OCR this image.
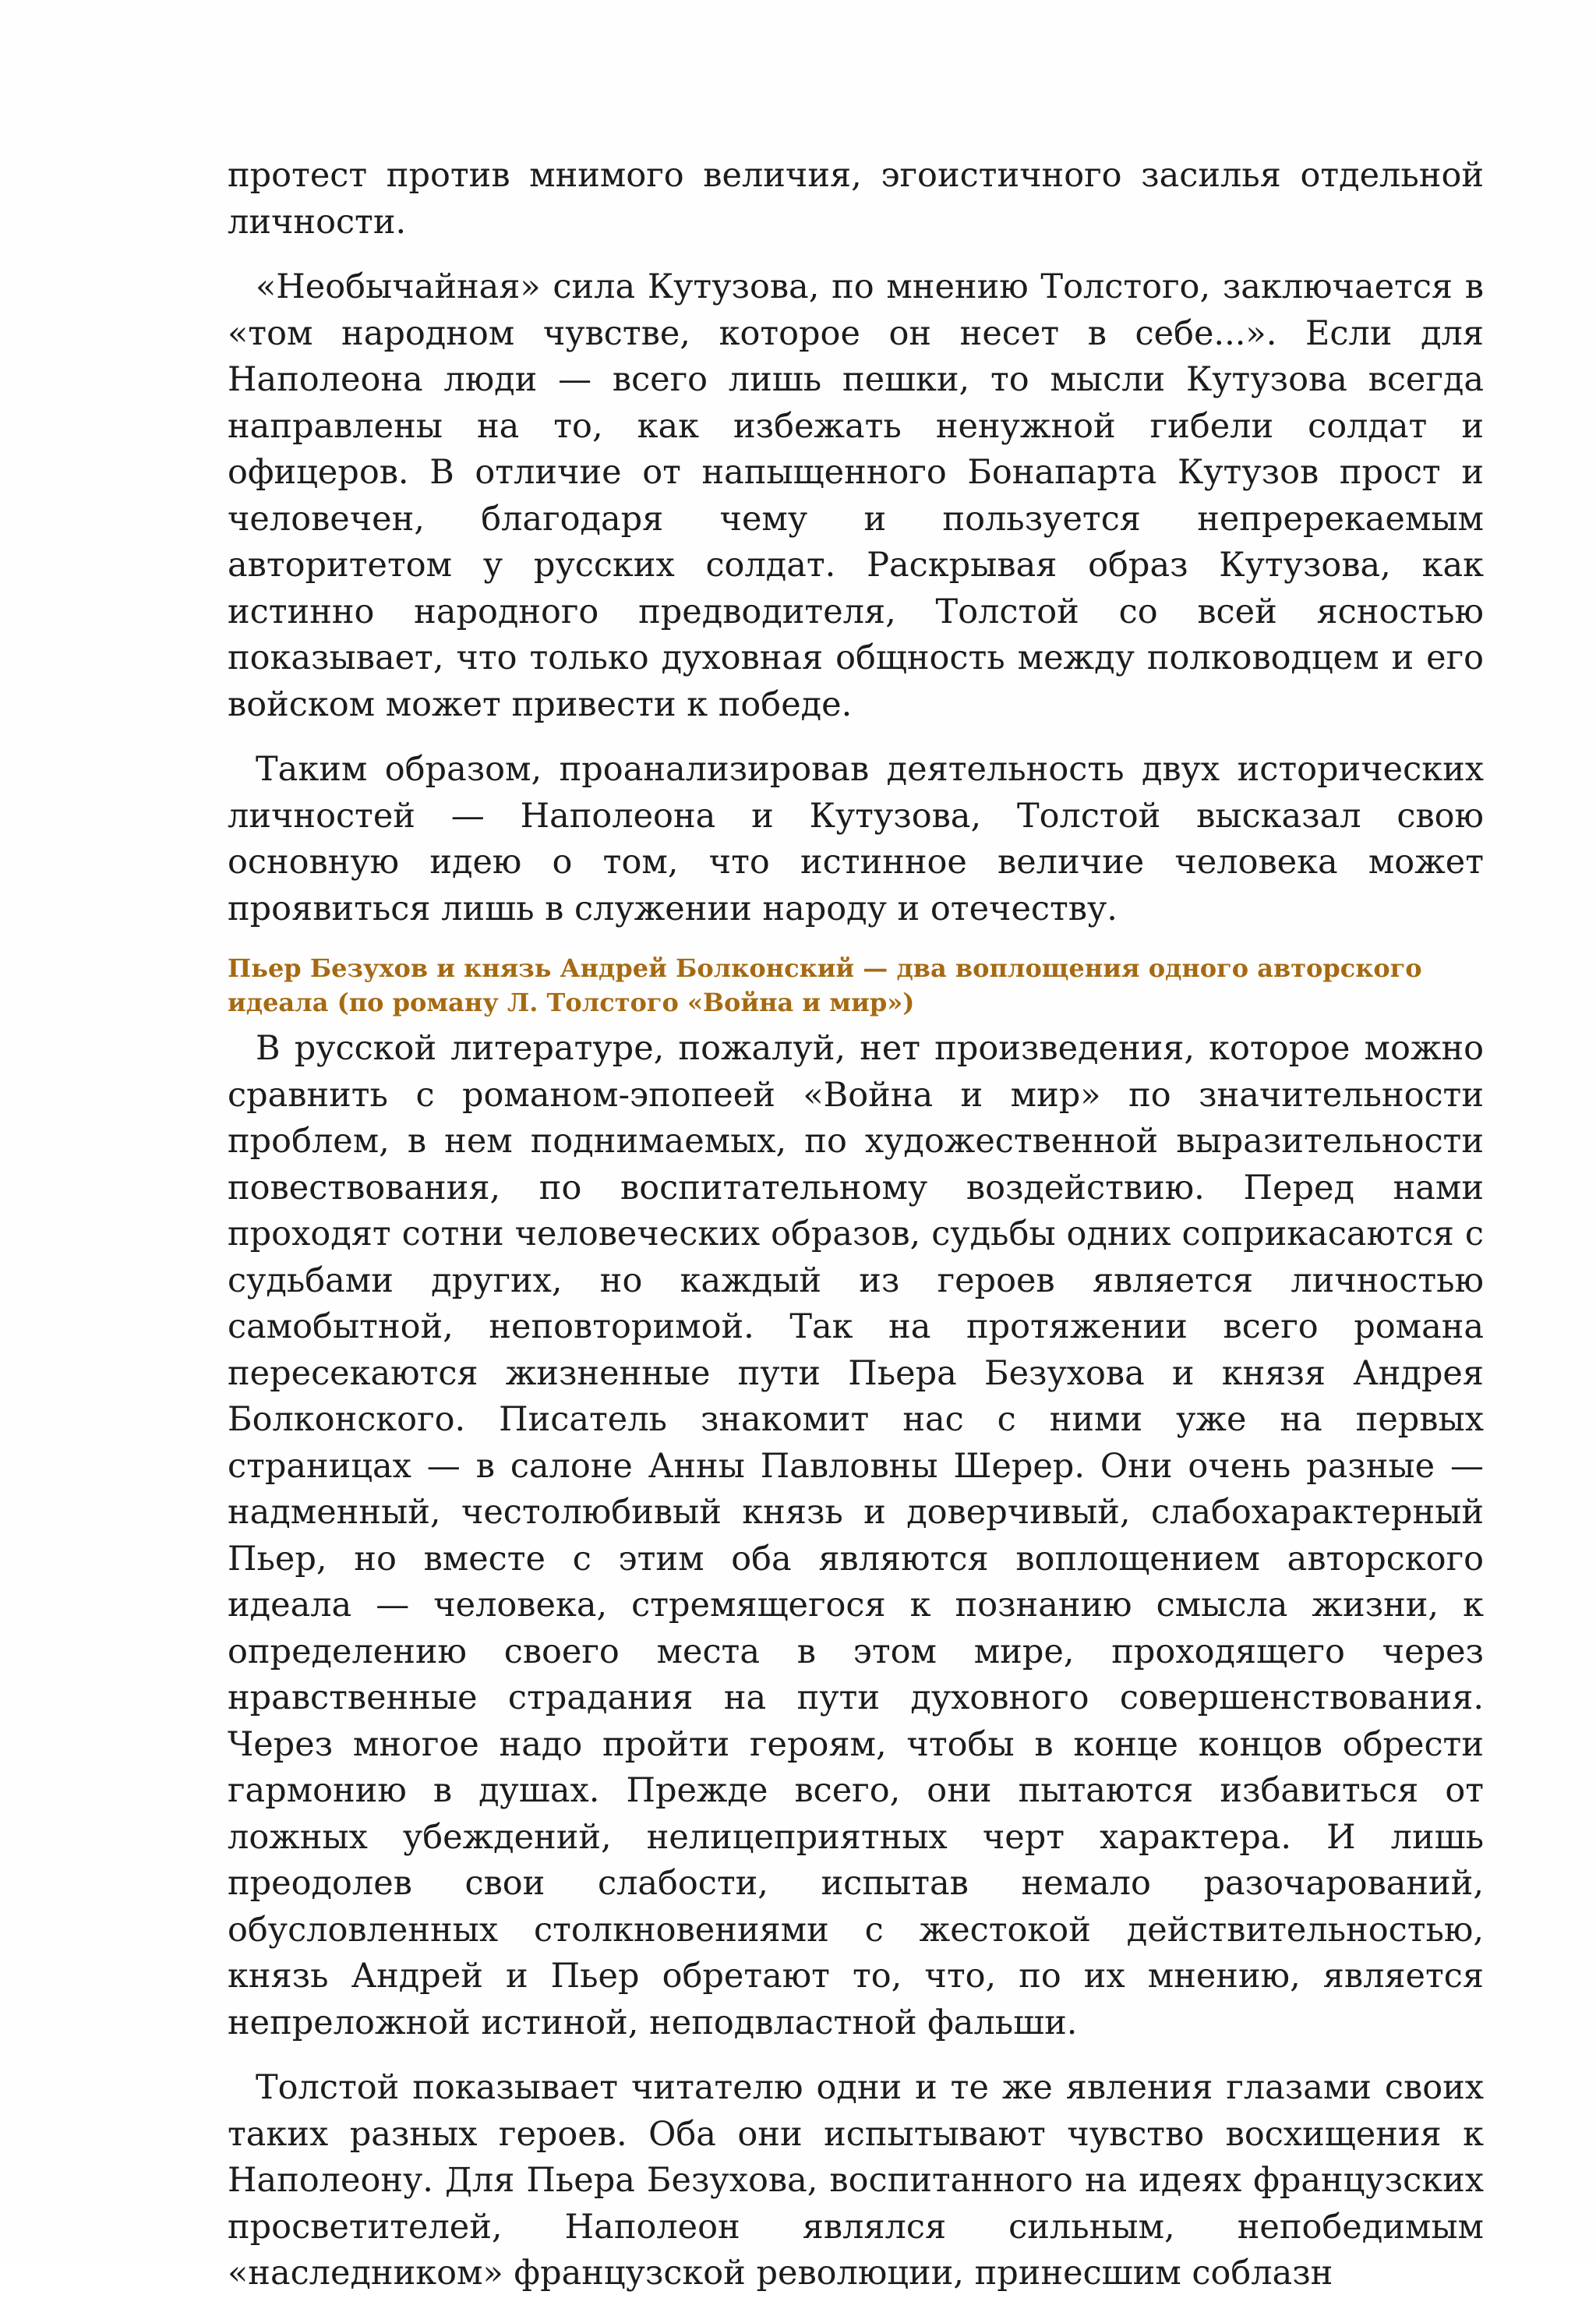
протест против мнимого величия, эгоистичного засилья отдельной личности.

«Необычайная» сила Кутузова, по мнению Толстого, заключается в «том народном чувстве, которое он несет в себе...». Если для Наполеона люди — всего лишь пешки, то мысли Кутузова всегда направлены на то, как избежать ненужной гибели солдат и офицеров. В отличие от напыщенного Бонапарта Кутузов прост и человечен, благодаря чему и пользуется непререкаемым авторитетом у русских солдат. Раскрывая образ Кутузова, как истинно народного предводителя, Толстой со всей ясностью показывает, что только духовная общность между полководцем и его войском может привести к победе.

Таким образом, проанализировав деятельность двух исторических личностей — Наполеона и Кутузова, Толстой высказал свою основную идею о том, что истинное величие человека может проявиться лишь в служении народу и отечеству.

Пьер Безухов и князь Андрей Болконский — два воплощения одного авторского идеала (по роману Л. Толстого «Война и мир»)

В русской литературе, пожалуй, нет произведения, которое можно сравнить с романом-эпопеей «Война и мир» по значительности проблем, в нем поднимаемых, по художественной выразительности повествования, по воспитательному воздействию. Перед нами проходят сотни человеческих образов, судьбы одних соприкасаются с судьбами других, но каждый из героев является личностью самобытной, неповторимой. Так на протяжении всего романа пересекаются жизненные пути Пьера Безухова и князя Андрея Болконского. Писатель знакомит нас с ними уже на первых страницах — в салоне Анны Павловны Шерер. Они очень разные — надменный, честолюбивый князь и доверчивый, слабохарактерный Пьер, но вместе с этим оба являются воплощением авторского идеала — человека, стремящегося к познанию смысла жизни, к определению своего места в этом мире, проходящего через нравственные страдания на пути духовного совершенствования. Через многое надо пройти героям, чтобы в конце концов обрести гармонию в душах. Прежде всего, они пытаются избавиться от ложных убеждений, нелицеприятных черт характера. И лишь преодолев свои слабости, испытав немало разочарований, обусловленных столкновениями с жестокой действительностью, князь Андрей и Пьер обретают то, что, по их мнению, является непреложной истиной, неподвластной фальши.

Толстой показывает читателю одни и те же явления глазами своих таких разных героев. Оба они испытывают чувство восхищения к Наполеону. Для Пьера Безухова, воспитанного на идеях французских просветителей, Наполеон являлся сильным, непобедимым «наследником» французской революции, принесшим соблазн
